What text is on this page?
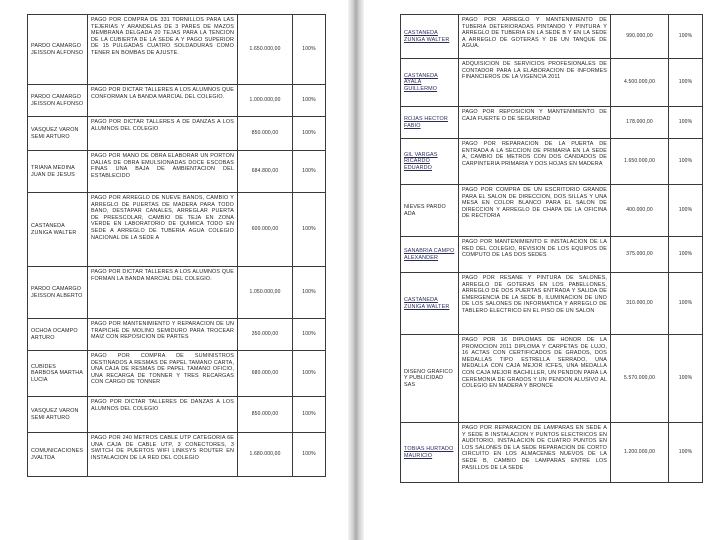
PARDO CAMARGO JEISSON ALFONSO	PAGO POR COMPRA DE 331 TORNILLOS PARA LAS TEJERIAS Y ARANDELAS DE 3 PARES DE MAZOS MEMBRANA DELGADA 20 TEJAS PARA LA TENCION DE LA CUBIERTA DE LA SEDE A Y PAGO SUPERIOR DE 15 PULGADAS CUATRO SOLDADURAS COMO TENER EN BOMBAS DE AJUSTE.	1.650.000,00	100%
PARDO CAMARGO JEISSON ALFONSO	PAGO POR DICTAR TALLERES A LOS ALUMNOS QUE CONFORMAN LA BANDA MARCIAL DEL COLEGIO.	1.000.000,00	100%
VASQUEZ VARON SEMI ARTURO	PAGO POR DICTAR TALLERES A DE DANZAS A LOS ALUMNOS DEL COLEGIO	850.000,00	100%
TRIANA MEDINA JUAN DE JESUS	PAGO POR MANO DE OBRA ELABORAR UN PORTON DALIAS DE OBRA EMULSIONADAS DOCE ESCOBAS FINAS UNA BAJA DE AMBIENTACION DEL ESTABLECIDO	684.800,00	100%
CASTANEDA ZUNIGA WALTER	PAGO POR ARREGLO DE NUEVE BANOS, CAMBIO Y ARREGLO DE PUERTAS DE MADERA PARA TODO BANO, DESTAPAR CANALES, ARREGLAR PUERTA DE PREESCOLAR, CAMBIO DE TEJA EN ZONA VERDE EN LABORATORIO DE QUIMICA TODO EN SEDE A ARREGLO DE TUBERIA AGUA COLEGIO NACIONAL DE LA SEDE A	600.000,00	100%
PARDO CAMARGO JEISSON ALBERTO	PAGO POR DICTAR TALLERES A LOS ALUMNOS QUE FORMAN LA BANDA MARCIAL DEL COLEGIO.	1.050.000,00	100%
OCHOA OCAMPO ARTURO	PAGO POR MANTENIMIENTO Y REPARACION DE UN TRAPICHE DE MOLINO SEMIDURO PARA TROCEAR MAIZ CON REPOSICION DE PARTES	350.000,00	100%
CUBIDES BARBOSA MARTHA LUCIA	PAGO POR COMPRA DE SUMINISTROS DESTINADOS A RESMAS DE PAPEL TAMANO CARTA, UNA CAJA DE RESMAS DE PAPEL TAMANO OFICIO, UNA RECARGA DE TONNER Y TRES RECARGAS CON CARGO DE TONNER	680.000,00	100%
VASQUEZ VARON SEMI ARTURO	PAGO POR DICTAR TALLERES DE DANZAS A LOS ALUMNOS DEL COLEGIO	850.000,00	100%
COMUNICACIONES JVALTDA	PAGO POR 240 METROS CABLE UTP CATEGORIA 6E UNA CAJA DE CABLE UTP, 3 CONECTORES, 3 SWITCH DE PUERTOS WIFI LINKSYS ROUTER EN INSTALACION DE LA RED DEL COLEGIO	1.680.000,00	100%
CASTANEDA ZUNIGA WALTER	PAGO POR ARREGLO Y MANTENIMIENTO DE TUBERIA DETERIORADAS PINTANDO Y PINTURA Y ARREGLO DE TUBERIA EN LA SEDE B Y EN LA SEDE A ARREGLO DE GOTERAS Y DE UN TANQUE DE AGUA.	990.000,00	100%
CASTANEDA AYALA GUILLERMO	ADQUISICION DE SERVICIOS PROFESIONALES DE CONTADOR PARA LA ELABORACION DE INFORMES FINANCIEROS DE LA VIGENCIA 2011	4.500.000,00	100%
ROJAS HECTOR FABIO	PAGO POR REPOSICION Y MANTENIMIENTO DE CAJA FUERTE O DE SEGURIDAD	178.000,00	100%
GIL VARGAS RICARDO EDUARDO	PAGO POR REPARACION DE LA PUERTA DE ENTRADA A LA SECCION DE PRIMARIA EN LA SEDE A, CAMBIO DE METROS CON DOS CANDADOS DE CARPINTERIA PRIMARIA Y DOS HOJAS EN MADERA	1.650.000,00	100%
NIEVES PARDO ADA	PAGO POR COMPRA DE UN ESCRITORIO GRANDE PARA EL SALON DE DIRECCION, DOS SILLAS Y UNA MESA EN COLOR BLANCO PARA EL SALON DE DIRECCION Y ARREGLO DE CHAPA DE LA OFICINA DE RECTORIA	400.000,00	100%
SANABRIA CAMPO ALEXANDER	PAGO POR MANTENIMIENTO E INSTALACION DE LA RED DEL COLEGIO, REVISION DE LOS EQUIPOS DE COMPUTO DE LAS DOS SEDES	375.000,00	100%
CASTANEDA ZUNIGA WALTER	PAGO POR RESANE Y PINTURA DE SALONES, ARREGLO DE GOTERAS EN LOS PABELLONES, ARREGLO DE DOS PUERTAS ENTRADA Y SALIDA DE EMERGENCIA DE LA SEDE B, ILUMINACION DE UNO DE LOS SALONES DE INFORMATICA Y ARREGLO DE TABLERO ELECTRICO EN EL PISO DE UN SALON	310.000,00	100%
DISENO GRAFICO Y PUBLICIDAD SAS	PAGO POR 16 DIPLOMAS DE HONOR DE LA PROMOCION 2011 DIPLOMA Y CARPETAS DE LUJO, 16 ACTAS CON CERTIFICADOS DE GRADOS, DOS MEDALLAS TIPO ESTRELLA SERRADO, UNA MEDALLA CON CAJA MEJOR ICFES, UNA MEDALLA CON CAJA MEJOR BACHILLER, UN PENDON PARA LA CEREMONIA DE GRADOS Y UN PENDON ALUSIVO AL COLEGIO EN MADERA Y BRONCE	5.570.000,00	100%
TOBIAS HURTADO MAURICIO	PAGO POR REPARACION DE LAMPARAS EN SEDE A Y SEDE B INSTALACION Y PUNTOS ELECTRICOS EN AUDITORIO, INSTALACION DE CUATRO PUNTOS EN LOS SALONES DE LA SEDE REPARACION DE CORTO CIRCUITO EN LOS ALMACENES NUEVOS DE LA SEDE B, CAMBIO DE LAMPARAS ENTRE LOS PASILLOS DE LA SEDE	1.200.000,00	100%
